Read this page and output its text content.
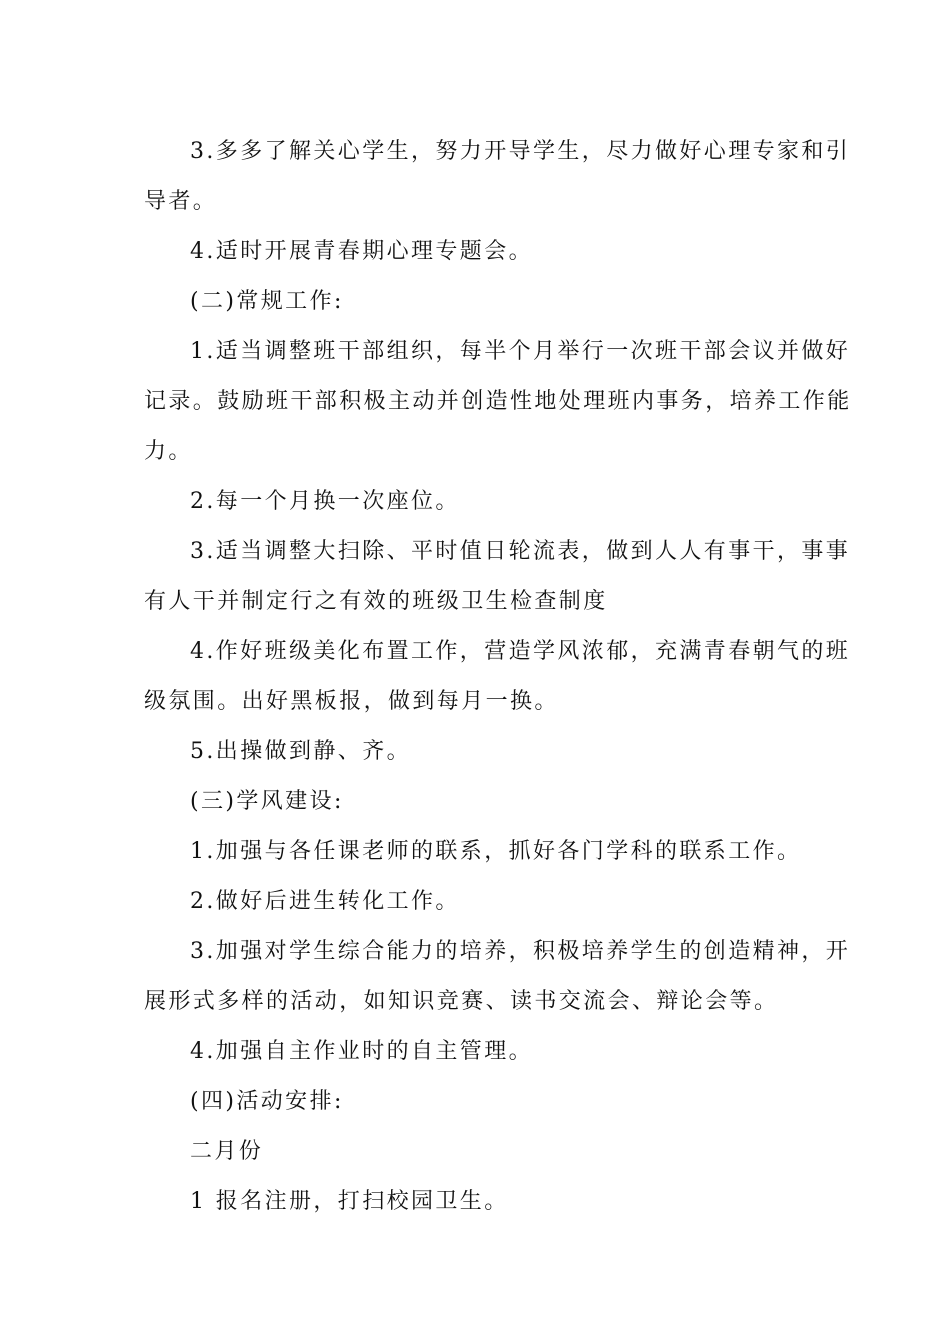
3.多多了解关心学生，努力开导学生，尽力做好心理专家和引
导者。
4.适时开展青春期心理专题会。
(二)常规工作:
1.适当调整班干部组织，每半个月举行一次班干部会议并做好
记录。鼓励班干部积极主动并创造性地处理班内事务，培养工作能
力。
2.每一个月换一次座位。
3.适当调整大扫除、平时值日轮流表，做到人人有事干，事事
有人干并制定行之有效的班级卫生检查制度
4.作好班级美化布置工作，营造学风浓郁，充满青春朝气的班
级氛围。出好黑板报，做到每月一换。
5.出操做到静、齐。
(三)学风建设:
1.加强与各任课老师的联系，抓好各门学科的联系工作。
2.做好后进生转化工作。
3.加强对学生综合能力的培养，积极培养学生的创造精神，开
展形式多样的活动，如知识竞赛、读书交流会、辩论会等。
4.加强自主作业时的自主管理。
(四)活动安排:
二月份
1 报名注册，打扫校园卫生。
